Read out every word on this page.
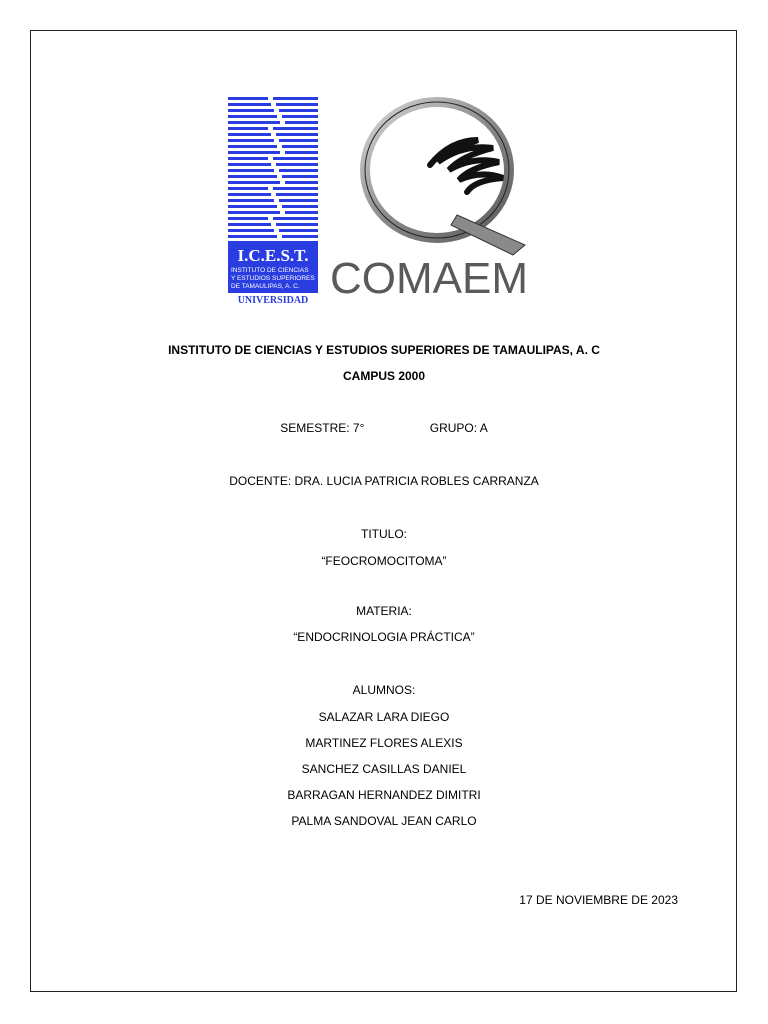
I.C.E.S.T.
INSTITUTO DE CIENCIAS
Y ESTUDIOS SUPERIORES
DE TAMAULIPAS, A. C.
UNIVERSIDAD COMAEM
INSTITUTO DE CIENCIAS Y ESTUDIOS SUPERIORES DE TAMAULIPAS, A. C
CAMPUS 2000
SEMESTRE: 7°	GRUPO: A
DOCENTE: DRA. LUCIA PATRICIA ROBLES CARRANZA
TITULO:
“FEOCROMOCITOMA”
MATERIA:
“ENDOCRINOLOGIA PRÁCTICA”
ALUMNOS:
SALAZAR LARA DIEGO
MARTINEZ FLORES ALEXIS
SANCHEZ CASILLAS DANIEL
BARRAGAN HERNANDEZ DIMITRI
PALMA SANDOVAL JEAN CARLO
17 DE NOVIEMBRE DE 2023
